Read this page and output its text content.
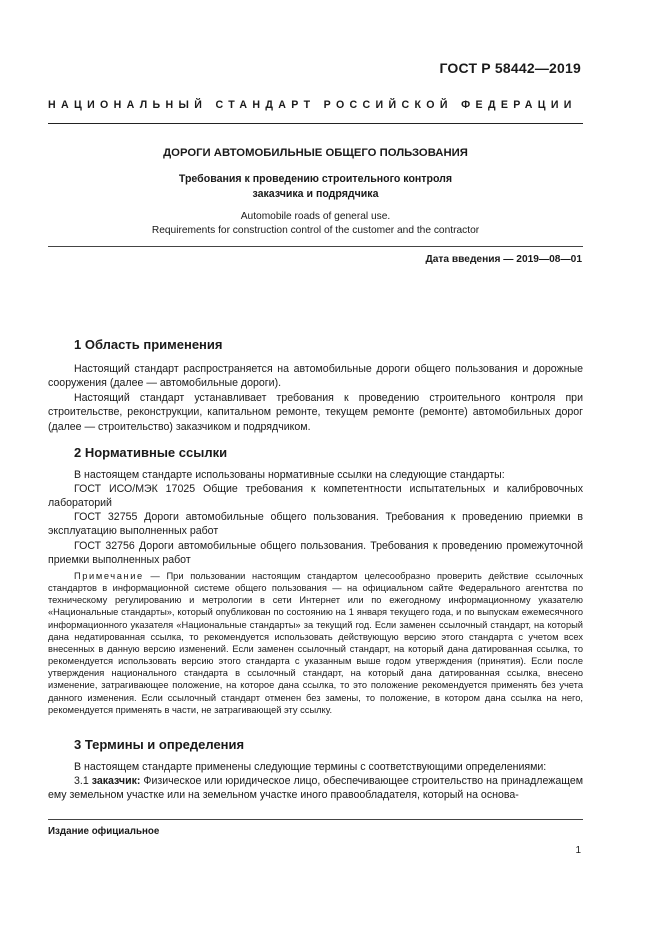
ГОСТ Р 58442—2019
НАЦИОНАЛЬНЫЙ СТАНДАРТ РОССИЙСКОЙ ФЕДЕРАЦИИ
ДОРОГИ АВТОМОБИЛЬНЫЕ ОБЩЕГО ПОЛЬЗОВАНИЯ
Требования к проведению строительного контроля
заказчика и подрядчика
Automobile roads of general use.
Requirements for construction control of the customer and the contractor
Дата введения — 2019—08—01
1 Область применения

Настоящий стандарт распространяется на автомобильные дороги общего пользования и дорожные сооружения (далее — автомобильные дороги).

Настоящий стандарт устанавливает требования к проведению строительного контроля при строительстве, реконструкции, капитальном ремонте, текущем ремонте (ремонте) автомобильных дорог (далее — строительство) заказчиком и подрядчиком.

2 Нормативные ссылки

В настоящем стандарте использованы нормативные ссылки на следующие стандарты:

ГОСТ ИСО/МЭК 17025 Общие требования к компетентности испытательных и калибровочных лабораторий

ГОСТ 32755 Дороги автомобильные общего пользования. Требования к проведению приемки в эксплуатацию выполненных работ

ГОСТ 32756 Дороги автомобильные общего пользования. Требования к проведению промежуточной приемки выполненных работ

Примечание — При пользовании настоящим стандартом целесообразно проверить действие ссылочных стандартов в информационной системе общего пользования — на официальном сайте Федерального агентства по техническому регулированию и метрологии в сети Интернет или по ежегодному информационному указателю «Национальные стандарты», который опубликован по состоянию на 1 января текущего года, и по выпускам ежемесячного информационного указателя «Национальные стандарты» за текущий год. Если заменен ссылочный стандарт, на который дана недатированная ссылка, то рекомендуется использовать действующую версию этого стандарта с учетом всех внесенных в данную версию изменений. Если заменен ссылочный стандарт, на который дана датированная ссылка, то рекомендуется использовать версию этого стандарта с указанным выше годом утверждения (принятия). Если после утверждения национального стандарта в ссылочный стандарт, на который дана датированная ссылка, внесено изменение, затрагивающее положение, на которое дана ссылка, то это положение рекомендуется применять без учета данного изменения. Если ссылочный стандарт отменен без замены, то положение, в котором дана ссылка на него, рекомендуется применять в части, не затрагивающей эту ссылку.

3 Термины и определения

В настоящем стандарте применены следующие термины с соответствующими определениями:

3.1 заказчик: Физическое или юридическое лицо, обеспечивающее строительство на принадлежащем ему земельном участке или на земельном участке иного правообладателя, который на основа-

Издание официальное
1
